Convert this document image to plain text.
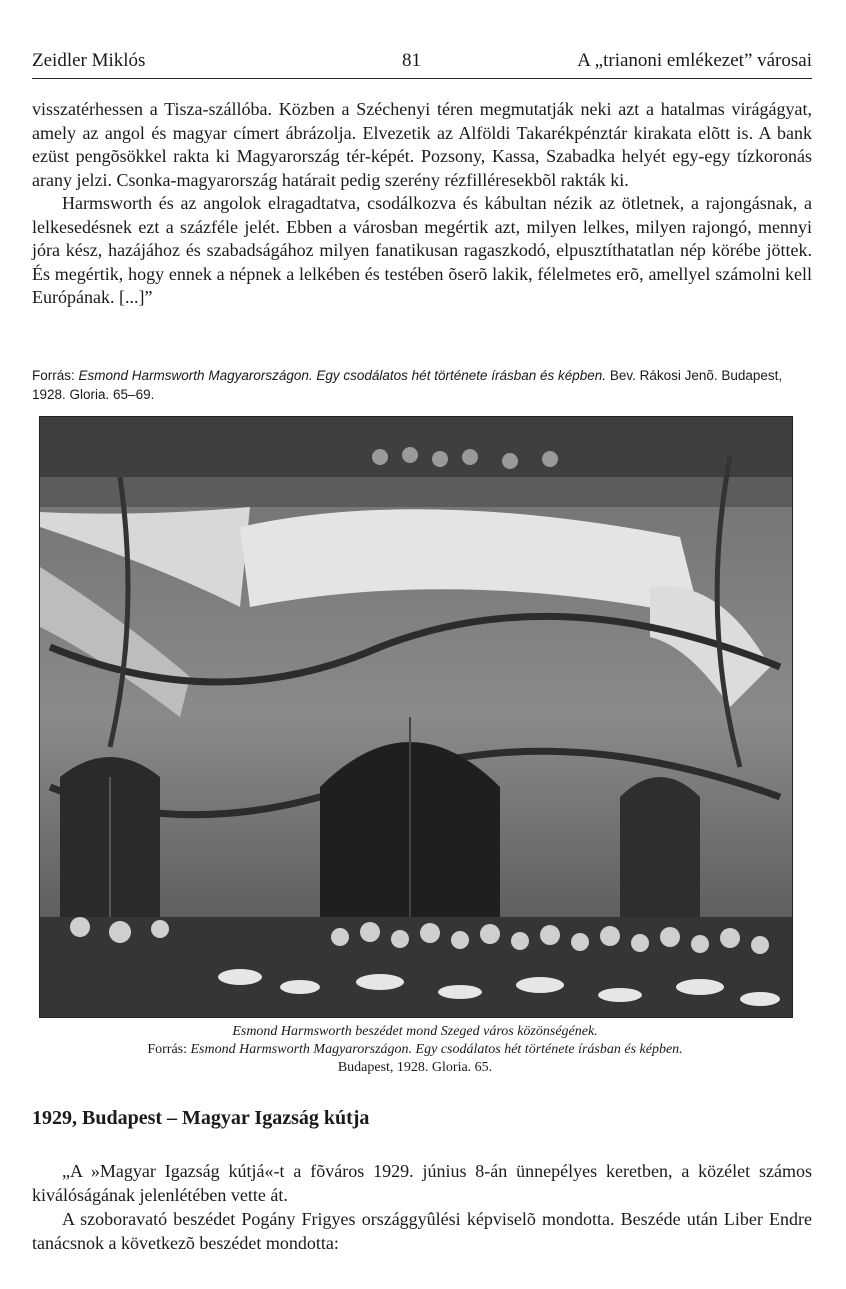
Zeidler Miklós	81	A „trianoni emlékezet” városai

visszatérhessen a Tisza-szállóba. Közben a Széchenyi téren megmutatják neki azt a hatalmas virágágyat, amely az angol és magyar címert ábrázolja. Elvezetik az Alföldi Takarékpénztár kirakata elõtt is. A bank ezüst pengõsökkel rakta ki Magyarország tér-képét. Pozsony, Kassa, Szabadka helyét egy-egy tízkoronás arany jelzi. Csonka-magyarország határait pedig szerény rézfilléresekbõl rakták ki.

Harmsworth és az angolok elragadtatva, csodálkozva és kábultan nézik az ötletnek, a rajongásnak, a lelkesedésnek ezt a százféle jelét. Ebben a városban megértik azt, milyen lelkes, milyen rajongó, mennyi jóra kész, hazájához és szabadságához milyen fanatikusan ragaszkodó, elpusztíthatatlan nép körébe jöttek. És megértik, hogy ennek a népnek a lelkében és testében õserõ lakik, félelmetes erõ, amellyel számolni kell Európának. [...]”

Forrás: Esmond Harmsworth Magyarországon. Egy csodálatos hét története írásban és képben. Bev. Rákosi Jenõ. Budapest, 1928. Gloria. 65–69.
Esmond Harmsworth beszédet mond Szeged város közönségének.
Forrás: Esmond Harmsworth Magyarországon. Egy csodálatos hét története írásban és képben.
Budapest, 1928. Gloria. 65.
1929, Budapest – Magyar Igazság kútja

„A »Magyar Igazság kútjá«-t a fõváros 1929. június 8-án ünnepélyes keretben, a közélet számos kiválóságának jelenlétében vette át.

A szoboravató beszédet Pogány Frigyes országgyûlési képviselõ mondotta. Beszéde után Liber Endre tanácsnok a következõ beszédet mondotta:
